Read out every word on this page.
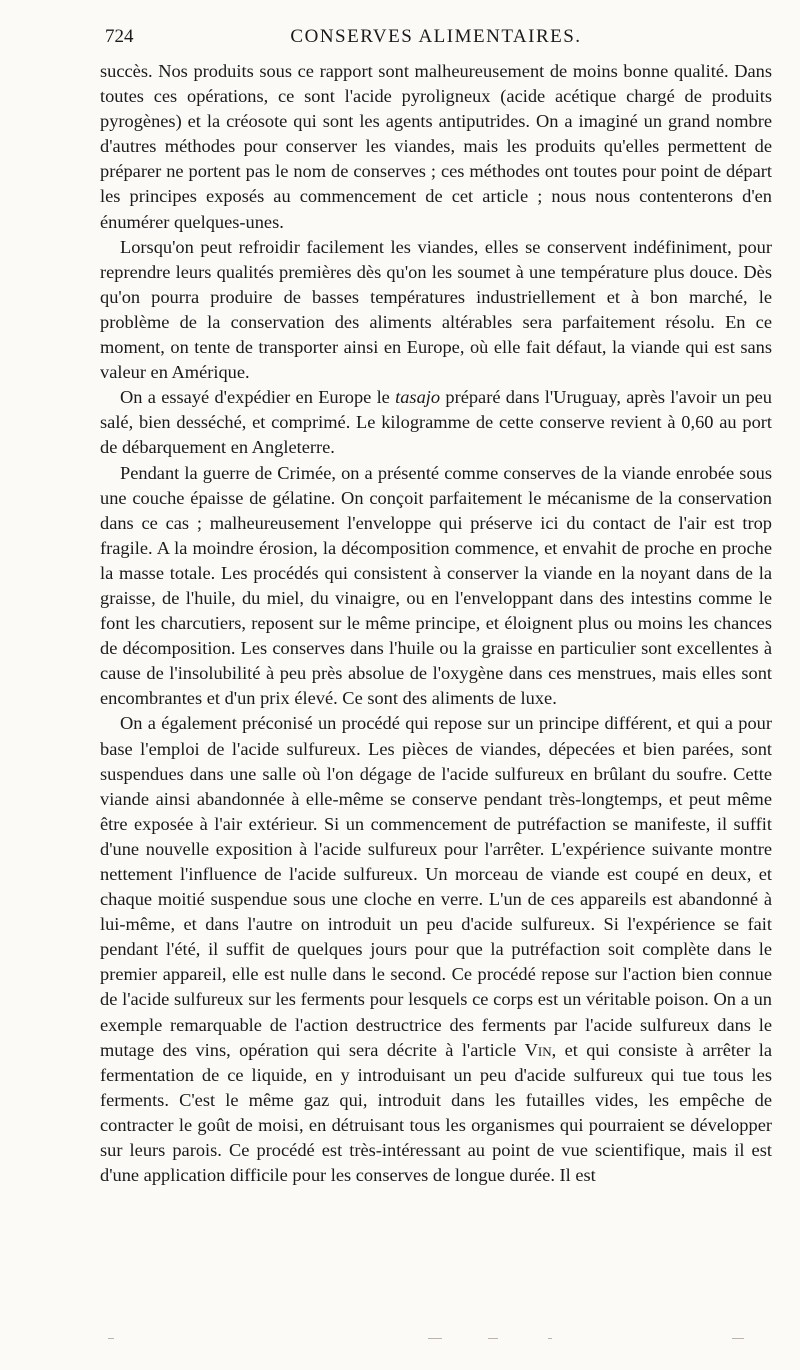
724	CONSERVES ALIMENTAIRES.

succès. Nos produits sous ce rapport sont malheureusement de moins bonne qualité. Dans toutes ces opérations, ce sont l'acide pyroligneux (acide acétique chargé de produits pyrogènes) et la créosote qui sont les agents antiputrides. On a imaginé un grand nombre d'autres méthodes pour conserver les viandes, mais les produits qu'elles permettent de préparer ne portent pas le nom de conserves ; ces méthodes ont toutes pour point de départ les principes exposés au commencement de cet article ; nous nous contenterons d'en énumérer quelques-unes.

Lorsqu'on peut refroidir facilement les viandes, elles se conservent indéfiniment, pour reprendre leurs qualités premières dès qu'on les soumet à une température plus douce. Dès qu'on pourra produire de basses températures industriellement et à bon marché, le problème de la conservation des aliments altérables sera parfaitement résolu. En ce moment, on tente de transporter ainsi en Europe, où elle fait défaut, la viande qui est sans valeur en Amérique.

On a essayé d'expédier en Europe le tasajo préparé dans l'Uruguay, après l'avoir un peu salé, bien desséché, et comprimé. Le kilogramme de cette conserve revient à 0,60 au port de débarquement en Angleterre.

Pendant la guerre de Crimée, on a présenté comme conserves de la viande enrobée sous une couche épaisse de gélatine. On conçoit parfaitement le mécanisme de la conservation dans ce cas ; malheureusement l'enveloppe qui préserve ici du contact de l'air est trop fragile. A la moindre érosion, la décomposition commence, et envahit de proche en proche la masse totale. Les procédés qui consistent à conserver la viande en la noyant dans de la graisse, de l'huile, du miel, du vinaigre, ou en l'enveloppant dans des intestins comme le font les charcutiers, reposent sur le même principe, et éloignent plus ou moins les chances de décomposition. Les conserves dans l'huile ou la graisse en particulier sont excellentes à cause de l'insolubilité à peu près absolue de l'oxygène dans ces menstrues, mais elles sont encombrantes et d'un prix élevé. Ce sont des aliments de luxe.

On a également préconisé un procédé qui repose sur un principe différent, et qui a pour base l'emploi de l'acide sulfureux. Les pièces de viandes, dépecées et bien parées, sont suspendues dans une salle où l'on dégage de l'acide sulfureux en brûlant du soufre. Cette viande ainsi abandonnée à elle-même se conserve pendant très-longtemps, et peut même être exposée à l'air extérieur. Si un commencement de putréfaction se manifeste, il suffit d'une nouvelle exposition à l'acide sulfureux pour l'arrêter. L'expérience suivante montre nettement l'influence de l'acide sulfureux. Un morceau de viande est coupé en deux, et chaque moitié suspendue sous une cloche en verre. L'un de ces appareils est abandonné à lui-même, et dans l'autre on introduit un peu d'acide sulfureux. Si l'expérience se fait pendant l'été, il suffit de quelques jours pour que la putréfaction soit complète dans le premier appareil, elle est nulle dans le second. Ce procédé repose sur l'action bien connue de l'acide sulfureux sur les ferments pour lesquels ce corps est un véritable poison. On a un exemple remarquable de l'action destructrice des ferments par l'acide sulfureux dans le mutage des vins, opération qui sera décrite à l'article Vin, et qui consiste à arrêter la fermentation de ce liquide, en y introduisant un peu d'acide sulfureux qui tue tous les ferments. C'est le même gaz qui, introduit dans les futailles vides, les empêche de contracter le goût de moisi, en détruisant tous les organismes qui pourraient se développer sur leurs parois. Ce procédé est très-intéressant au point de vue scientifique, mais il est d'une application difficile pour les conserves de longue durée. Il est
